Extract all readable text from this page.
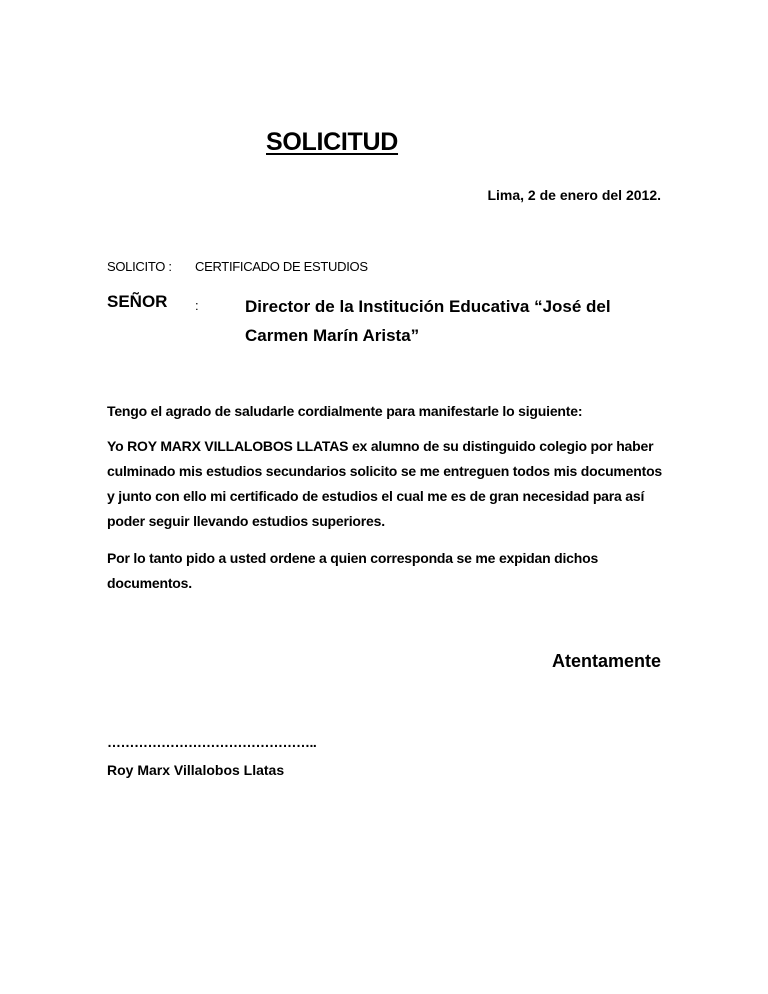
SOLICITUD
Lima, 2 de enero del 2012.
SOLICITO : CERTIFICADO DE ESTUDIOS
SEÑOR :	Director de la Institución Educativa “José del Carmen Marín Arista”
Tengo el agrado de saludarle cordialmente para manifestarle lo siguiente:
Yo ROY MARX VILLALOBOS LLATAS ex alumno de su distinguido colegio por haber culminado mis estudios secundarios solicito se me entreguen todos mis documentos y junto con ello mi certificado de estudios el cual me es de gran necesidad para así poder seguir llevando estudios superiores.
Por lo tanto pido a usted ordene a quien corresponda se me expidan dichos documentos.
Atentamente
………………………………………..
Roy Marx Villalobos Llatas
